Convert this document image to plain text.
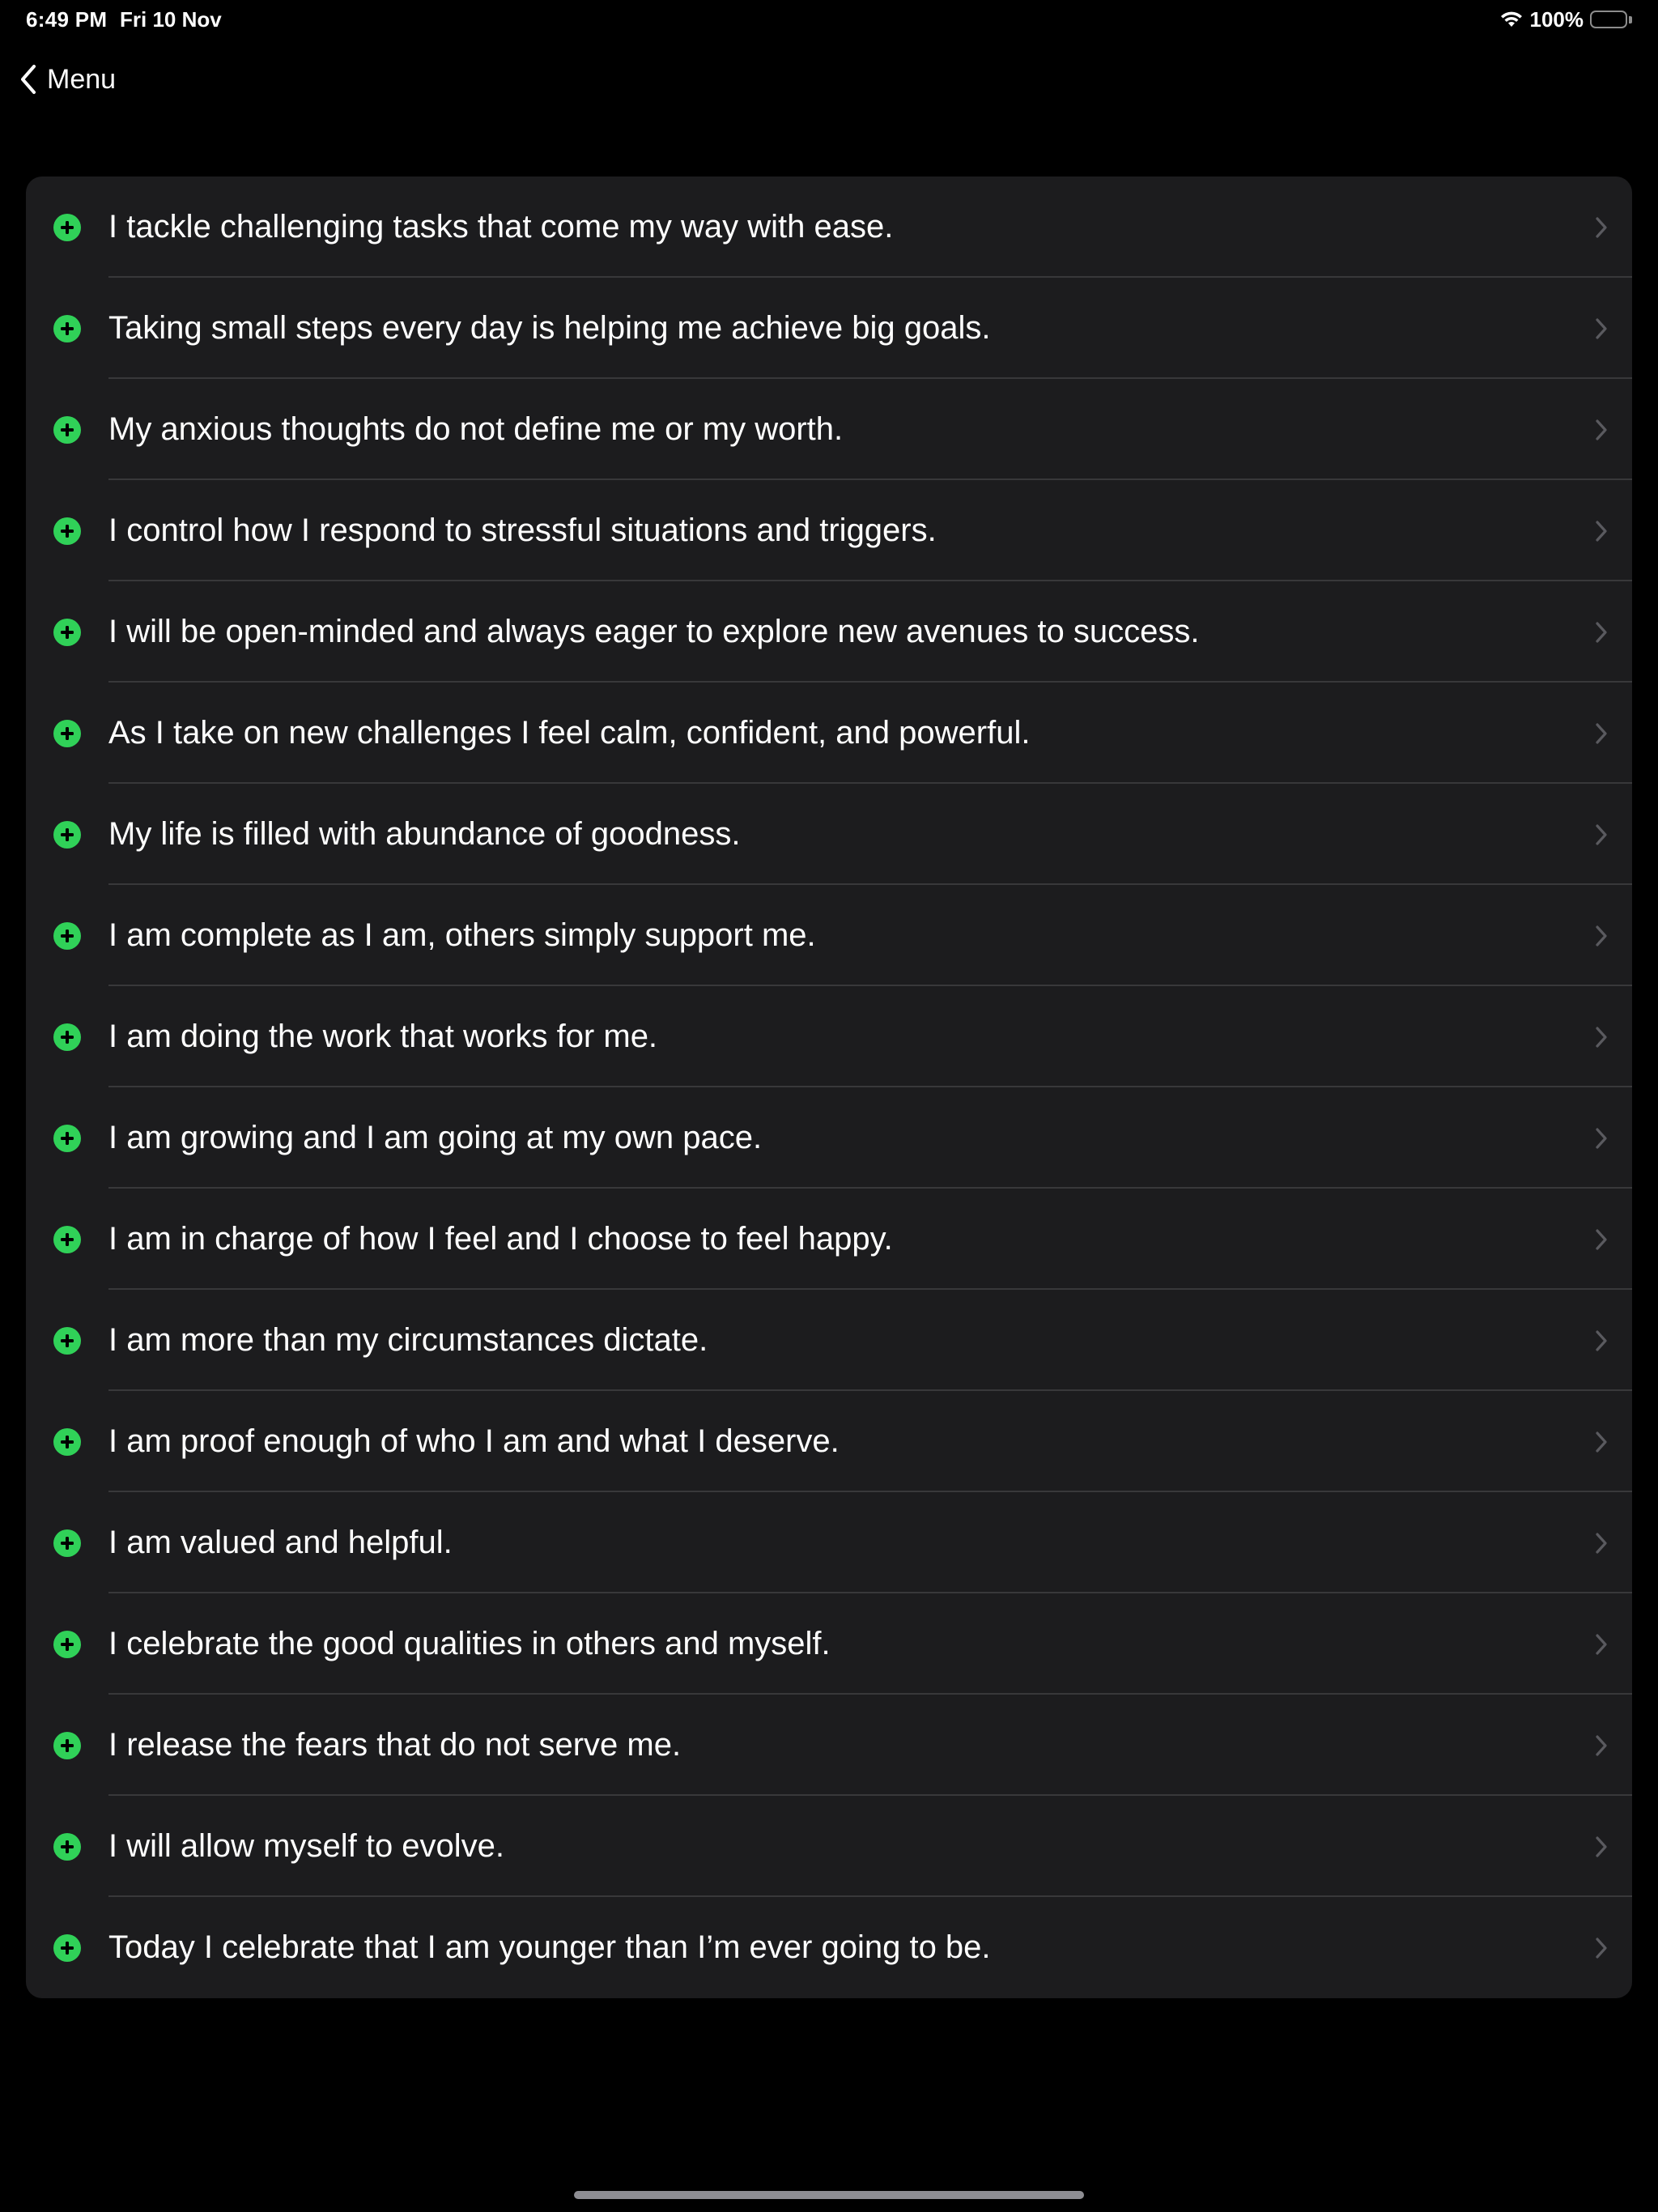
6:49 PM Fri 10 Nov	100%
Menu
I tackle challenging tasks that come my way with ease.
Taking small steps every day is helping me achieve big goals.
My anxious thoughts do not define me or my worth.
I control how I respond to stressful situations and triggers.
I will be open-minded and always eager to explore new avenues to success.
As I take on new challenges I feel calm, confident, and powerful.
My life is filled with abundance of goodness.
I am complete as I am, others simply support me.
I am doing the work that works for me.
I am growing and I am going at my own pace.
I am in charge of how I feel and I choose to feel happy.
I am more than my circumstances dictate.
I am proof enough of who I am and what I deserve.
I am valued and helpful.
I celebrate the good qualities in others and myself.
I release the fears that do not serve me.
I will allow myself to evolve.
Today I celebrate that I am younger than I’m ever going to be.
